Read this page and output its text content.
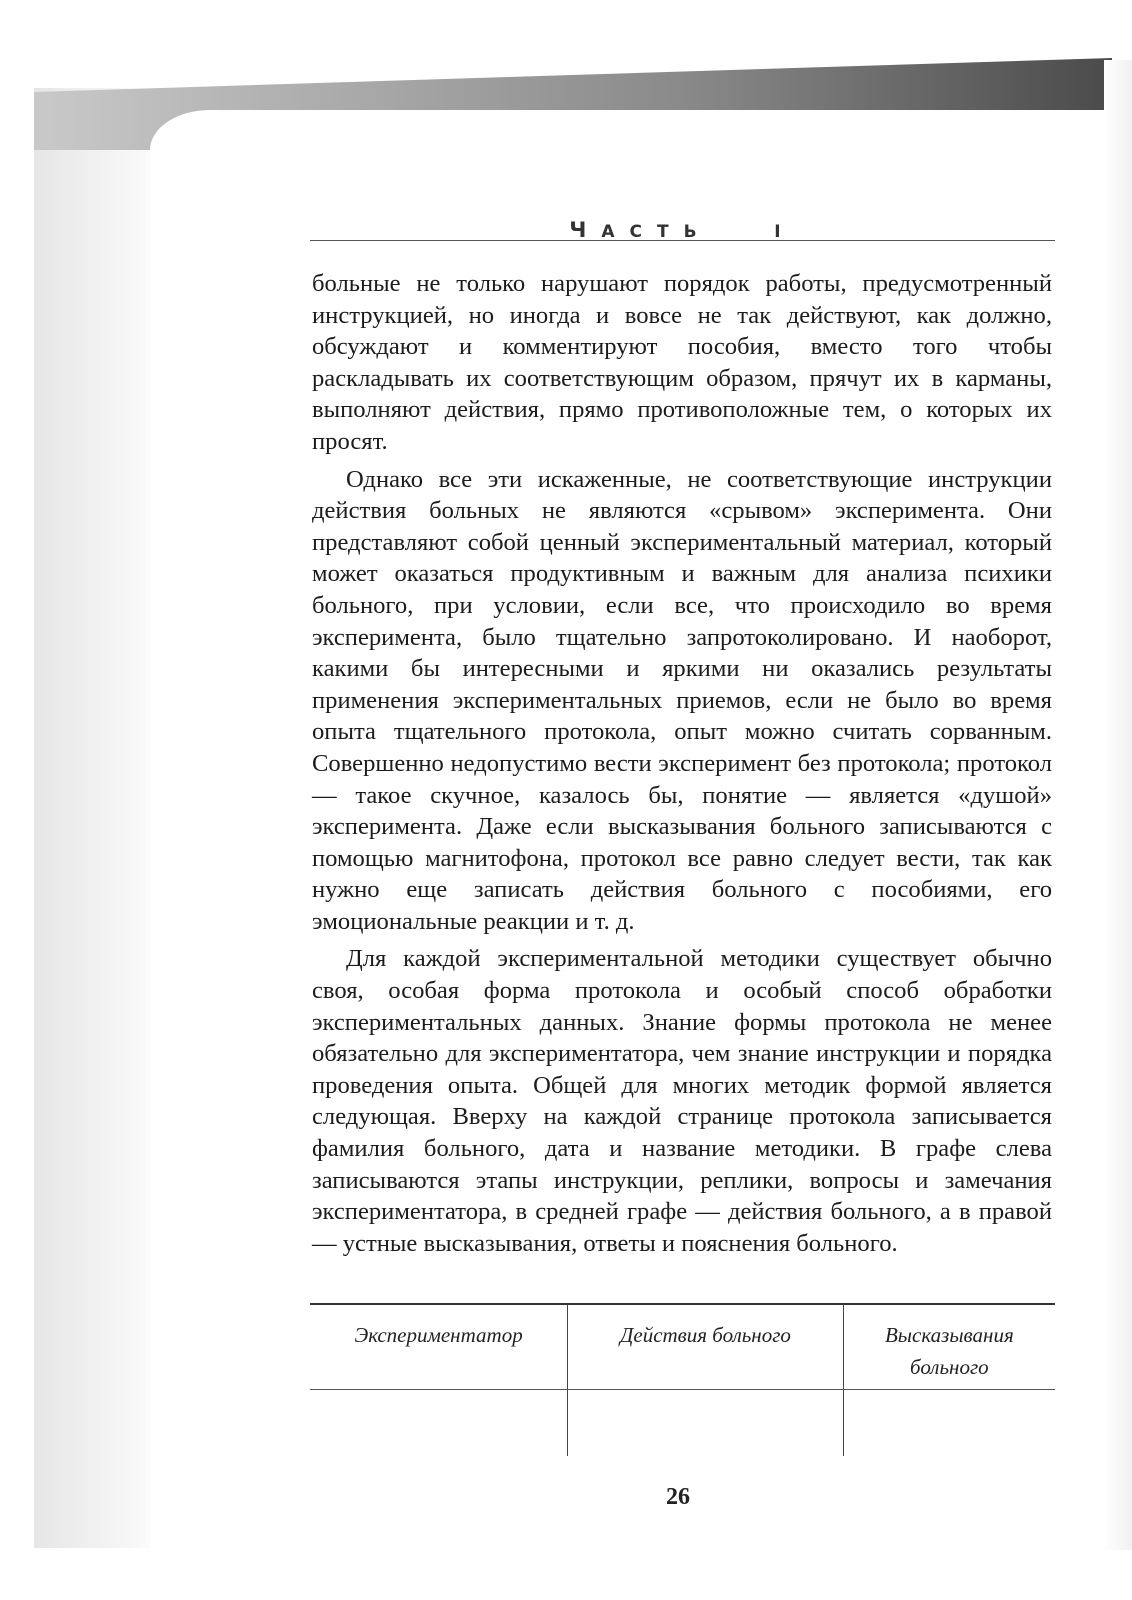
ЧАСТЬ	I

больные не только нарушают порядок работы, предусмотренный инструкцией, но иногда и вовсе не так действуют, как должно, обсуждают и комментируют пособия, вместо того чтобы раскладывать их соответствующим образом, прячут их в карманы, выполняют действия, прямо противоположные тем, о которых их просят.

Однако все эти искаженные, не соответствующие инструкции действия больных не являются «срывом» эксперимента. Они представляют собой ценный экспериментальный материал, который может оказаться продуктивным и важным для анализа психики больного, при условии, если все, что происходило во время эксперимента, было тщательно запротоколировано. И наоборот, какими бы интересными и яркими ни оказались результаты применения экспериментальных приемов, если не было во время опыта тщательного протокола, опыт можно считать сорванным. Совершенно недопустимо вести эксперимент без протокола; протокол — такое скучное, казалось бы, понятие — является «душой» эксперимента. Даже если высказывания больного записываются с помощью магнитофона, протокол все равно следует вести, так как нужно еще записать действия больного с пособиями, его эмоциональные реакции и т. д.

Для каждой экспериментальной методики существует обычно своя, особая форма протокола и особый способ обработки экспериментальных данных. Знание формы протокола не менее обязательно для экспериментатора, чем знание инструкции и порядка проведения опыта. Общей для многих методик формой является следующая. Вверху на каждой странице протокола записывается фамилия больного, дата и название методики. В графе слева записываются этапы инструкции, реплики, вопросы и замечания экспериментатора, в средней графе — действия больного, а в правой — устные высказывания, ответы и пояснения больного.

Экспериментатор	Действия больного	Высказывания больного

26
